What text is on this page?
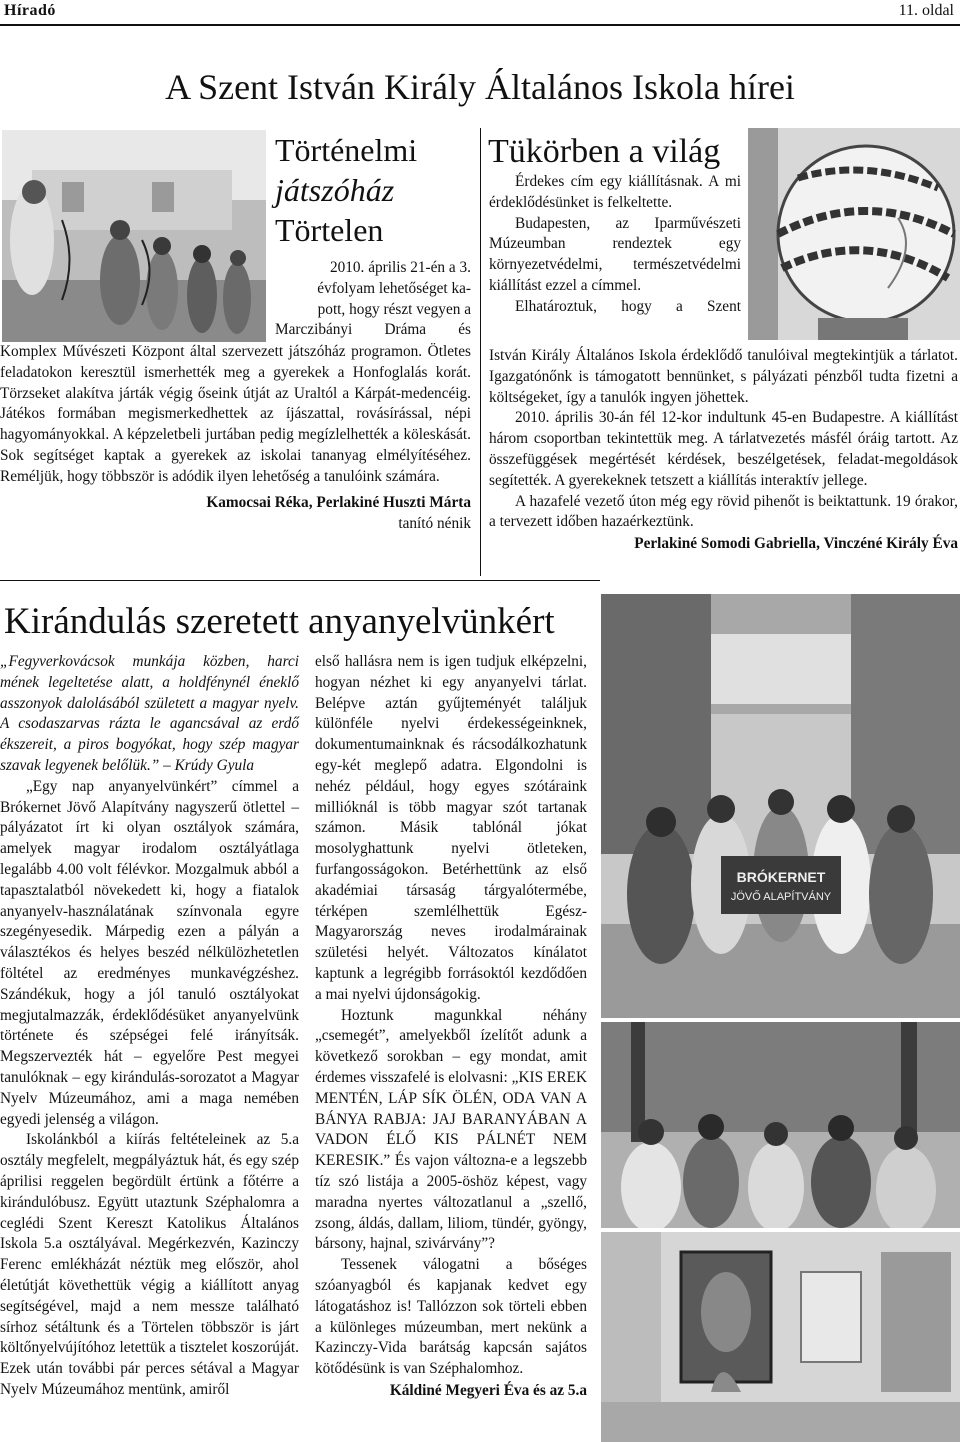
Híradó	11. oldal
A Szent István Király Általános Iskola hírei
Történelmi
játszóház
Törtelen

2010. április 21-én a 3.

évfolyam lehetőséget ka-

pott, hogy részt vegyen a

Marczibányi Dráma és

Komplex Művészeti Központ által szervezett játszóház programon. Ötletes feladatokon keresztül ismerhették meg a gyerekek a Honfoglalás korát. Törzseket alakítva járták végig őseink útját az Uraltól a Kárpát-medencéig. Játékos formában megismerkedhettek az íjászattal, rovásírással, népi hagyományokkal. A képzeletbeli jurtában pedig megízlelhették a köleskását. Sok segítséget kaptak a gyerekek az iskolai tananyag elmélyítéséhez. Reméljük, hogy többször is adódik ilyen lehetőség a tanulóink számára.

Kamocsai Réka, Perlakiné Huszti Márta
tanító nénik
Tükörben a világ

Érdekes cím egy kiállításnak. A mi érdeklődésünket is felkeltette.

Budapesten, az Iparművészeti Múzeumban rendeztek egy környezetvédelmi, természetvédelmi kiállítást ezzel a címmel.

Elhatároztuk, hogy a Szent

István Király Általános Iskola érdeklődő tanulóival megtekintjük a tárlatot. Igazgatónőnk is támogatott bennünket, s pályázati pénzből tudta fizetni a költségeket, így a tanulók ingyen jöhettek.

2010. április 30-án fél 12-kor indultunk 45-en Budapestre. A kiállítást három csoportban tekintettük meg. A tárlatvezetés másfél óráig tartott. Az összefüggések megértését kérdések, beszélgetések, feladat-megoldások segítették. A gyerekeknek tetszett a kiállítás interaktív jellege.

A hazafelé vezető úton még egy rövid pihenőt is beiktattunk. 19 órakor, a tervezett időben hazaérkeztünk.

Perlakiné Somodi Gabriella, Vinczéné Király Éva
Kirándulás szeretett anyanyelvünkért

„Fegyverkovácsok munkája közben, harci mének legeltetése alatt, a holdfénynél éneklő asszonyok dalolásából született a magyar nyelv. A csodaszarvas rázta le agancsával az erdő ékszereit, a piros bogyókat, hogy szép magyar szavak legyenek belőlük.” – Krúdy Gyula

„Egy nap anyanyelvünkért” címmel a Brókernet Jövő Alapítvány nagyszerű ötlettel – pályázatot írt ki olyan osztályok számára, amelyek magyar irodalom osztályátlaga legalább 4.00 volt félévkor. Mozgalmuk abból a tapasztalatból növekedett ki, hogy a fiatalok anyanyelv-használatának színvonala egyre szegényesedik. Márpedig ezen a pályán a választékos és helyes beszéd nélkülözhetetlen föltétel az eredményes munkavégzéshez. Szándékuk, hogy a jól tanuló osztályokat megjutalmazzák, érdeklődésüket anyanyelvünk története és szépségei felé irányítsák. Megszervezték hát – egyelőre Pest megyei tanulóknak – egy kirándulás-sorozatot a Magyar Nyelv Múzeumához, ami a maga nemében egyedi jelenség a világon.

Iskolánkból a kiírás feltételeinek az 5.a osztály megfelelt, megpályáztuk hát, és egy szép áprilisi reggelen begördült értünk a főtérre a kirándulóbusz. Együtt utaztunk Széphalomra a ceglédi Szent Kereszt Katolikus Általános Iskola 5.a osztályával. Megérkezvén, Kazinczy Ferenc emlékházát néztük meg először, ahol életútját követhettük végig a kiállított anyag segítségével, majd a nem messze található sírhoz sétáltunk és a Törtelen többször is járt költőnyelvújítóhoz letettük a tisztelet koszorúját. Ezek után további pár perces sétával a Magyar Nyelv Múzeumához mentünk, amiről

első hallásra nem is igen tudjuk elképzelni, hogyan nézhet ki egy anyanyelvi tárlat. Belépve aztán gyűjteményét találjuk különféle nyelvi érdekességeinknek, dokumentumainknak és rácsodálkozhatunk egy-két meglepő adatra. Elgondolni is nehéz például, hogy egyes szótáraink millióknál is több magyar szót tartanak számon. Másik tablónál jókat mosolyghattunk nyelvi ötleteken, furfangosságokon. Betérhettünk az első akadémiai társaság tárgyalótermébe, térképen szemlélhettük Egész-Magyarország neves irodalmárainak születési helyét. Változatos kínálatot kaptunk a legrégibb forrásoktól kezdődően a mai nyelvi újdonságokig.

Hoztunk magunkkal néhány „csemegét”, amelyekből ízelítőt adunk a következő sorokban – egy mondat, amit érdemes visszafelé is elolvasni: „KIS EREK MENTÉN, LÁP SÍK ÖLÉN, ODA VAN A BÁNYA RABJA: JAJ BARANYÁBAN A VADON ÉLŐ KIS PÁLNÉT NEM KERESIK.” És vajon változna-e a legszebb tíz szó listája a 2005-öshöz képest, vagy maradna nyertes változatlanul a „szellő, zsong, áldás, dallam, liliom, tündér, gyöngy, bársony, hajnal, szivárvány”?

Tessenek válogatni a bőséges szóanyagból és kapjanak kedvet egy látogatáshoz is! Tallózzon sok törteli ebben a különleges múzeumban, mert nekünk a Kazinczy-Vida barátság kapcsán sajátos kötődésünk is van Széphalomhoz.

Káldiné Megyeri Éva és az 5.a
BRÓKERNET
JÖVŐ ALAPÍTVÁNY
